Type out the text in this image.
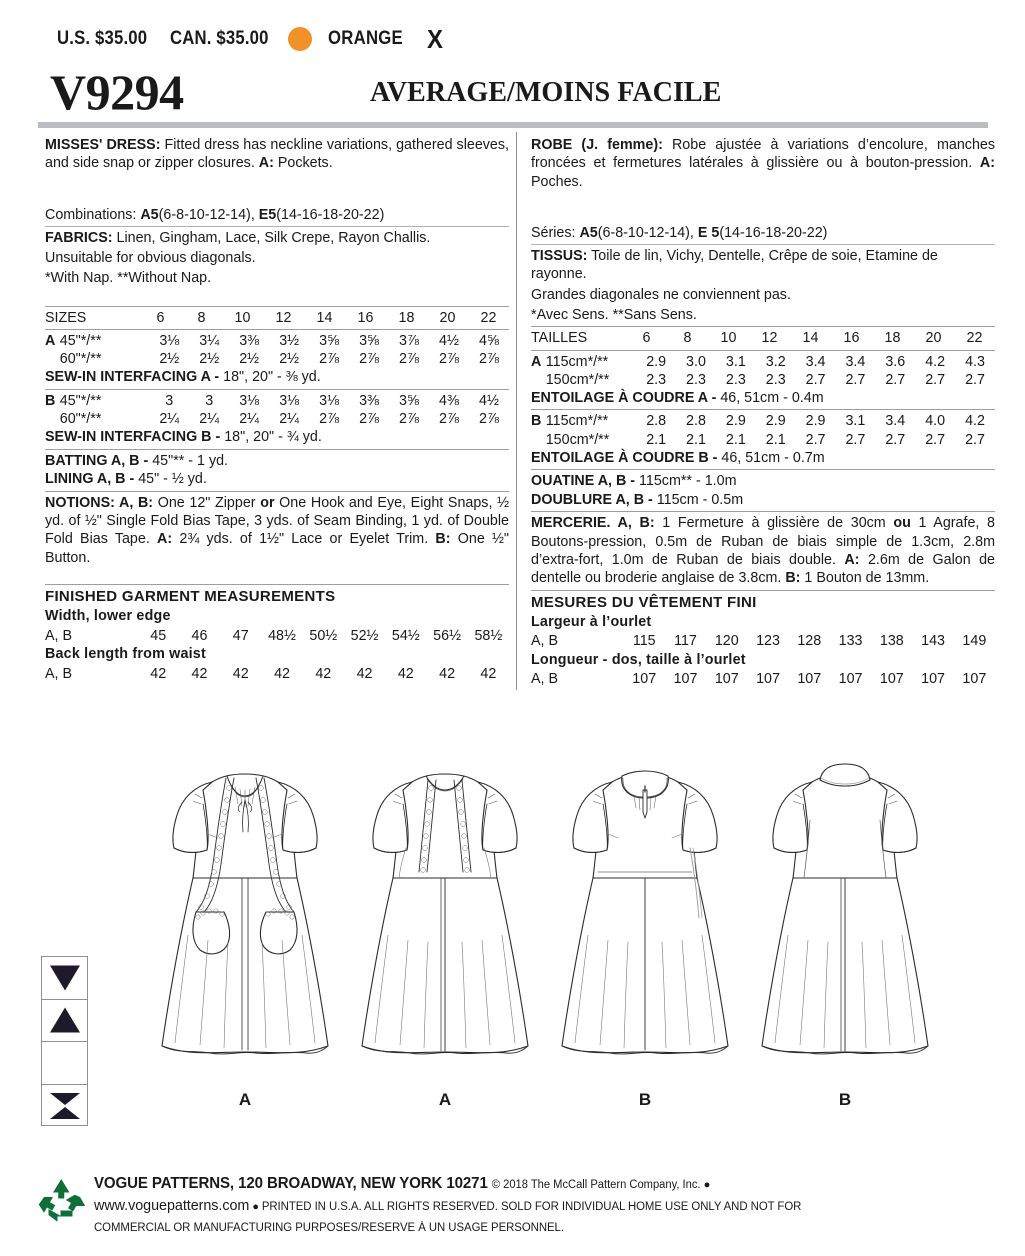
U.S. $35.00 CAN. $35.00	ORANGE X
V9294	AVERAGE/MOINS FACILE
MISSES' DRESS: Fitted dress has neckline variations, gathered sleeves, and side snap or zipper closures. A: Pockets.
Combinations: A5(6-8-10-12-14), E5(14-16-18-20-22)
FABRICS: Linen, Gingham, Lace, Silk Crepe, Rayon Challis.
Unsuitable for obvious diagonals.
*With Nap. **Without Nap.
SIZES	6	8	10	12	14	16	18	20	22
A	45"*/**	3⅛	3¼	3⅜	3½	3⅝	3⅝	3⅞	4½	4⅝
	60"*/**	2½	2½	2½	2½	2⅞	2⅞	2⅞	2⅞	2⅞
SEW-IN INTERFACING A - 18", 20" - ⅜ yd.
B	45"*/**	3	3	3⅛	3⅛	3⅛	3⅜	3⅝	4⅜	4½
	60"*/**	2¼	2¼	2¼	2¼	2⅞	2⅞	2⅞	2⅞	2⅞
SEW-IN INTERFACING B - 18", 20" - ¾ yd.
BATTING A, B - 45"** - 1 yd.
LINING A, B - 45" - ½ yd.
NOTIONS: A, B: One 12" Zipper or One Hook and Eye, Eight Snaps, ½ yd. of ½" Single Fold Bias Tape, 3 yds. of Seam Binding, 1 yd. of Double Fold Bias Tape. A: 2¾ yds. of 1½" Lace or Eyelet Trim. B: One ½" Button.
FINISHED GARMENT MEASUREMENTS
Width, lower edge
A, B	45	46	47	48½	50½	52½	54½	56½	58½
Back length from waist
A, B	42	42	42	42	42	42	42	42	42
ROBE (J. femme): Robe ajustée à variations d’encolure, manches froncées et fermetures latérales à glissière ou à bouton-pression. A: Poches.
Séries: A5(6-8-10-12-14), E 5(14-16-18-20-22)
TISSUS: Toile de lin, Vichy, Dentelle, Crêpe de soie, Etamine de rayonne.
Grandes diagonales ne conviennent pas.
*Avec Sens. **Sans Sens.
TAILLES	6	8	10	12	14	16	18	20	22
A	115cm*/**	2.9	3.0	3.1	3.2	3.4	3.4	3.6	4.2	4.3
	150cm*/**	2.3	2.3	2.3	2.3	2.7	2.7	2.7	2.7	2.7
ENTOILAGE À COUDRE A - 46, 51cm - 0.4m
B	115cm*/**	2.8	2.8	2.9	2.9	2.9	3.1	3.4	4.0	4.2
	150cm*/**	2.1	2.1	2.1	2.1	2.7	2.7	2.7	2.7	2.7
ENTOILAGE À COUDRE B - 46, 51cm - 0.7m
OUATINE A, B - 115cm** - 1.0m
DOUBLURE A, B - 115cm - 0.5m
MERCERIE. A, B: 1 Fermeture à glissière de 30cm ou 1 Agrafe, 8 Boutons-pression, 0.5m de Ruban de biais simple de 1.3cm, 2.8m d’extra-fort, 1.0m de Ruban de biais double. A: 2.6m de Galon de dentelle ou broderie anglaise de 3.8cm. B: 1 Bouton de 13mm.
MESURES DU VÊTEMENT FINI
Largeur à l’ourlet
A, B	115	117	120	123	128	133	138	143	149
Longueur - dos, taille à l’ourlet
A, B	107	107	107	107	107	107	107	107	107
A	A	B	B
VOGUE PATTERNS, 120 BROADWAY, NEW YORK 10271 © 2018 The McCall Pattern Company, Inc. ●
www.voguepatterns.com ● PRINTED IN U.S.A. ALL RIGHTS RESERVED. SOLD FOR INDIVIDUAL HOME USE ONLY AND NOT FOR
COMMERCIAL OR MANUFACTURING PURPOSES/RESERVE Á UN USAGE PERSONNEL.
